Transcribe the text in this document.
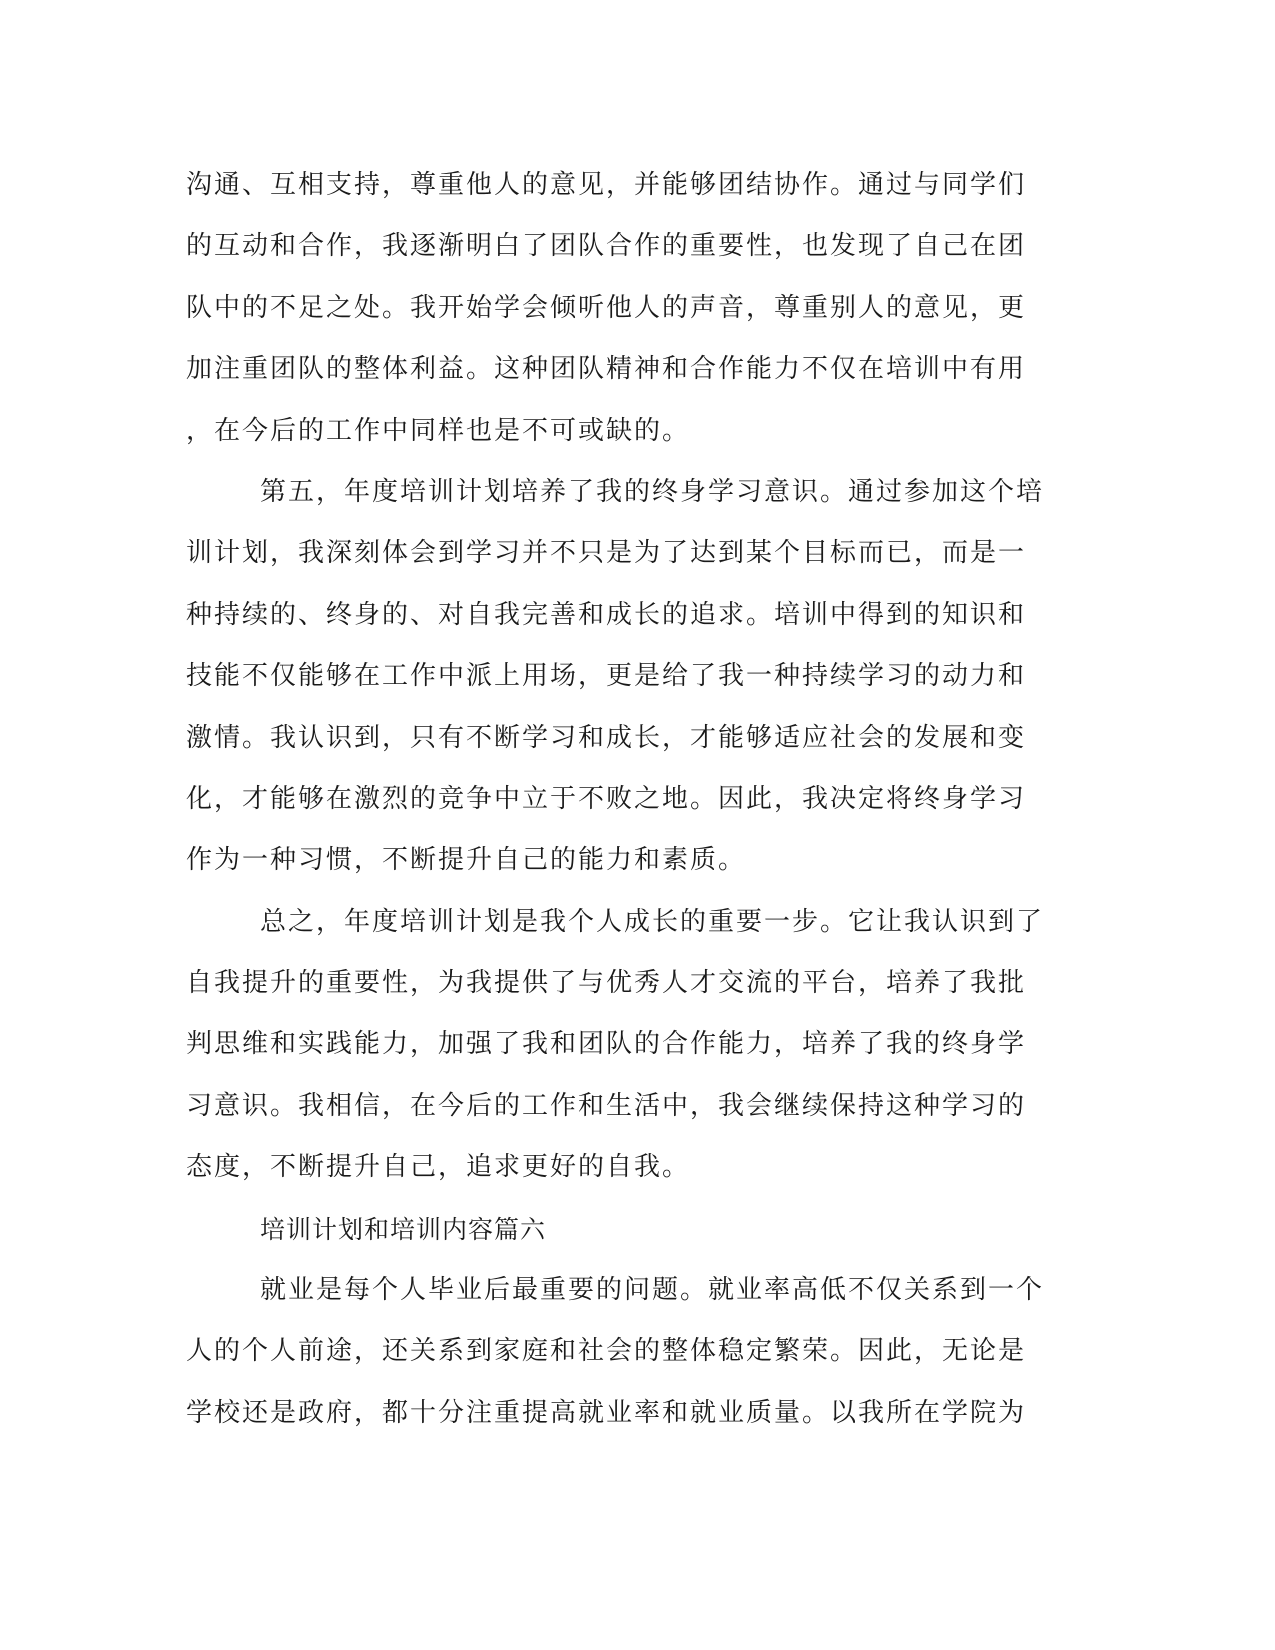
沟通、互相支持，尊重他人的意见，并能够团结协作。通过与同学们
的互动和合作，我逐渐明白了团队合作的重要性，也发现了自己在团
队中的不足之处。我开始学会倾听他人的声音，尊重别人的意见，更
加注重团队的整体利益。这种团队精神和合作能力不仅在培训中有用
，在今后的工作中同样也是不可或缺的。
第五，年度培训计划培养了我的终身学习意识。通过参加这个培
训计划，我深刻体会到学习并不只是为了达到某个目标而已，而是一
种持续的、终身的、对自我完善和成长的追求。培训中得到的知识和
技能不仅能够在工作中派上用场，更是给了我一种持续学习的动力和
激情。我认识到，只有不断学习和成长，才能够适应社会的发展和变
化，才能够在激烈的竞争中立于不败之地。因此，我决定将终身学习
作为一种习惯，不断提升自己的能力和素质。
总之，年度培训计划是我个人成长的重要一步。它让我认识到了
自我提升的重要性，为我提供了与优秀人才交流的平台，培养了我批
判思维和实践能力，加强了我和团队的合作能力，培养了我的终身学
习意识。我相信，在今后的工作和生活中，我会继续保持这种学习的
态度，不断提升自己，追求更好的自我。
培训计划和培训内容篇六
就业是每个人毕业后最重要的问题。就业率高低不仅关系到一个
人的个人前途，还关系到家庭和社会的整体稳定繁荣。因此，无论是
学校还是政府，都十分注重提高就业率和就业质量。以我所在学院为
